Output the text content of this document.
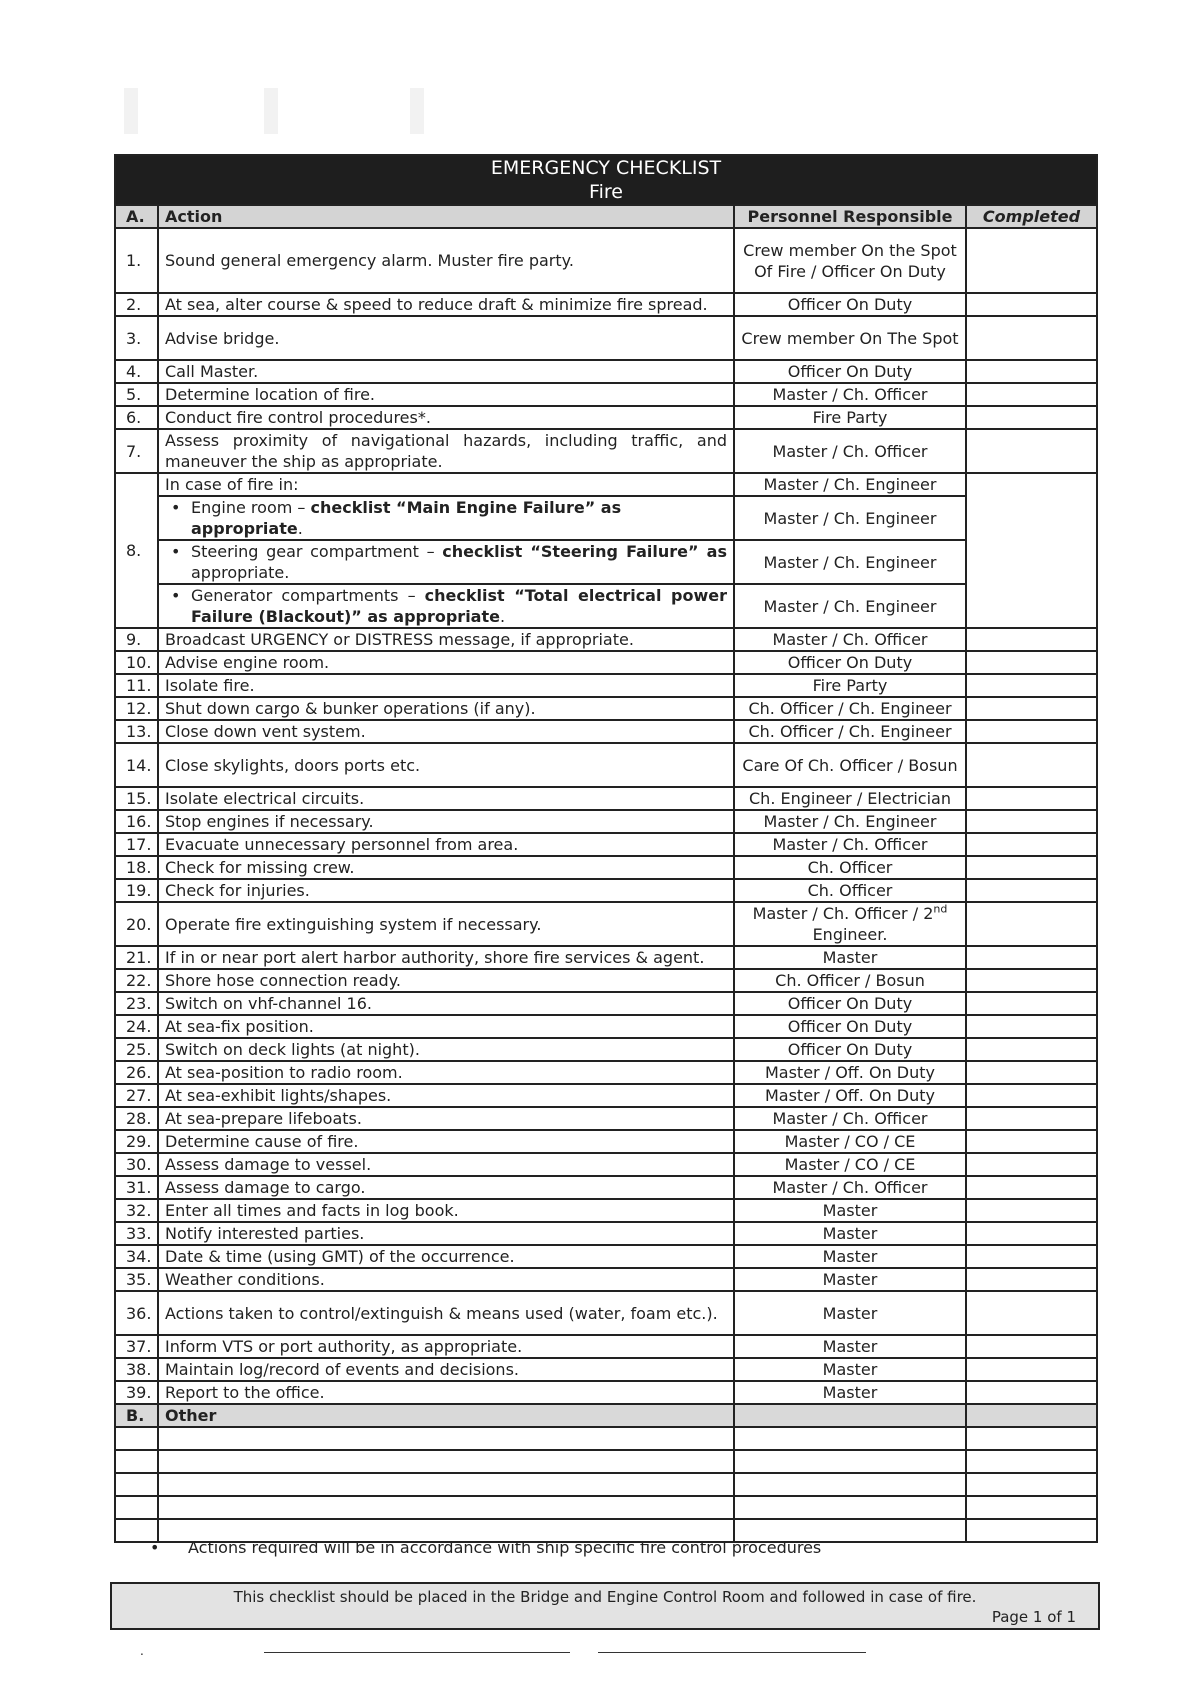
EMERGENCY CHECKLIST
Fire			

A.	Action	Personnel Responsible	Completed
1.	Sound general emergency alarm. Muster fire party.	Crew member On the Spot Of Fire / Officer On Duty	
2.	At sea, alter course & speed to reduce draft & minimize fire spread.	Officer On Duty	
3.	Advise bridge.	Crew member On The Spot	
4.	Call Master.	Officer On Duty	
5.	Determine location of fire.	Master / Ch. Officer	
6.	Conduct fire control procedures*.	Fire Party	
7.	Assess proximity of navigational hazards, including traffic, and maneuver the ship as appropriate.	Master / Ch. Officer	
8.	In case of fire in:	Master / Ch. Engineer	
	• Engine room – checklist “Main Engine Failure” as appropriate.	Master / Ch. Engineer	
	• Steering gear compartment – checklist “Steering Failure” as appropriate.	Master / Ch. Engineer	
	• Generator compartments – checklist “Total electrical power Failure (Blackout)” as appropriate.	Master / Ch. Engineer	
9.	Broadcast URGENCY or DISTRESS message, if appropriate.	Master / Ch. Officer	
10.	Advise engine room.	Officer On Duty	
11.	Isolate fire.	Fire Party	
12.	Shut down cargo & bunker operations (if any).	Ch. Officer / Ch. Engineer	
13.	Close down vent system.	Ch. Officer / Ch. Engineer	
14.	Close skylights, doors ports etc.	Care Of Ch. Officer / Bosun	
15.	Isolate electrical circuits.	Ch. Engineer / Electrician	
16.	Stop engines if necessary.	Master / Ch. Engineer	
17.	Evacuate unnecessary personnel from area.	Master / Ch. Officer	
18.	Check for missing crew.	Ch. Officer	
19.	Check for injuries.	Ch. Officer	
20.	Operate fire extinguishing system if necessary.	Master / Ch. Officer / 2nd Engineer.	
21.	If in or near port alert harbor authority, shore fire services & agent.	Master	
22.	Shore hose connection ready.	Ch. Officer / Bosun	
23.	Switch on vhf-channel 16.	Officer On Duty	
24.	At sea-fix position.	Officer On Duty	
25.	Switch on deck lights (at night).	Officer On Duty	
26.	At sea-position to radio room.	Master / Off. On Duty	
27.	At sea-exhibit lights/shapes.	Master / Off. On Duty	
28.	At sea-prepare lifeboats.	Master / Ch. Officer	
29.	Determine cause of fire.	Master / CO / CE	
30.	Assess damage to vessel.	Master / CO / CE	
31.	Assess damage to cargo.	Master / Ch. Officer	
32.	Enter all times and facts in log book.	Master	
33.	Notify interested parties.	Master	
34.	Date & time (using GMT) of the occurrence.	Master	
35.	Weather conditions.	Master	
36.	Actions taken to control/extinguish & means used (water, foam etc.).	Master	
37.	Inform VTS or port authority, as appropriate.	Master	
38.	Maintain log/record of events and decisions.	Master	
39.	Report to the office.	Master	
B.	Other		

• Actions required will be in accordance with ship specific fire control procedures
This checklist should be placed in the Bridge and Engine Control Room and followed in case of fire.
Page 1 of 1
.
